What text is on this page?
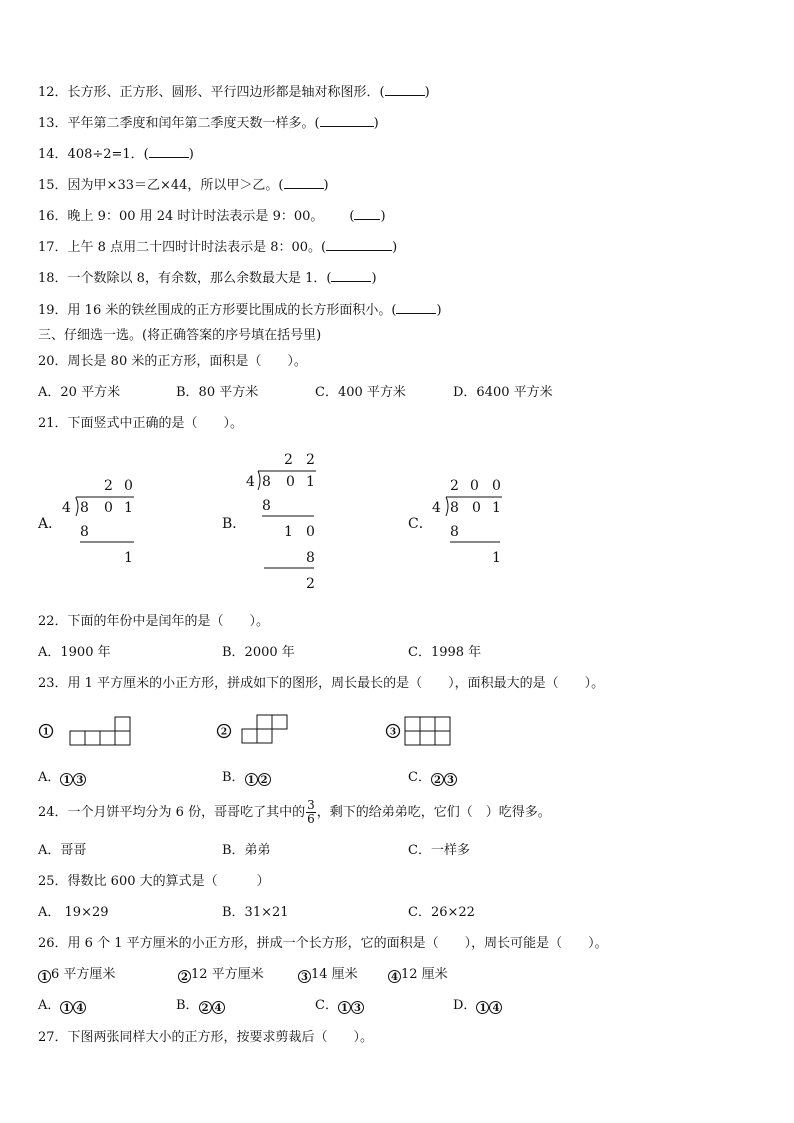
12．长方形、正方形、圆形、平行四边形都是轴对称图形．(	)
13．平年第二季度和闰年第二季度天数一样多。(	)
14．408÷2=1．(	)
15．因为甲×33＝乙×44，所以甲＞乙。(	)
16．晚上 9：00 用 24 时计时法表示是 9：00。 ( )
17．上午 8 点用二十四时计时法表示是 8：00。(	)
18．一个数除以 8，有余数，那么余数最大是 1．(	)
19．用 16 米的铁丝围成的正方形要比围成的长方形面积小。(	)
三、仔细选一选。(将正确答案的序号填在括号里)
20．周长是 80 米的正方形，面积是（　　）。
A．20 平方米	B．80 平方米	C．400 平方米	D．6400 平方米
21．下面竖式中正确的是（　　）。
A．
2 0
4 8 0 1
8
1
B．
2 2
4 8 0 1
8
1 0
8
2
C．
2 0 0
4 8 0 1
8
1
22．下面的年份中是闰年的是（　　）。
A．1900 年	B．2000 年	C．1998 年
23．用 1 平方厘米的小正方形，拼成如下的图形，周长最长的是（　　），面积最大的是（　　）。
1	2	3
A． 1 3	B． 1 2	C． 2 3
24．一个月饼平均分为 6 份，哥哥吃了其中的 $\frac{3}{6}$ ，剩下的给弟弟吃，它们（　）吃得多。
A．哥哥	B．弟弟	C．一样多
25．得数比 600 大的算式是（　　　）
A． 19×29	B．31×21	C．26×22
26．用 6 个 1 平方厘米的小正方形，拼成一个长方形，它的面积是（　　），周长可能是（　　）。
1 6 平方厘米	2 12 平方厘米	3 14 厘米	4 12 厘米
A． 1 4	B． 2 4	C． 1 3	D． 1 4
27．下图两张同样大小的正方形，按要求剪裁后（　　）。
